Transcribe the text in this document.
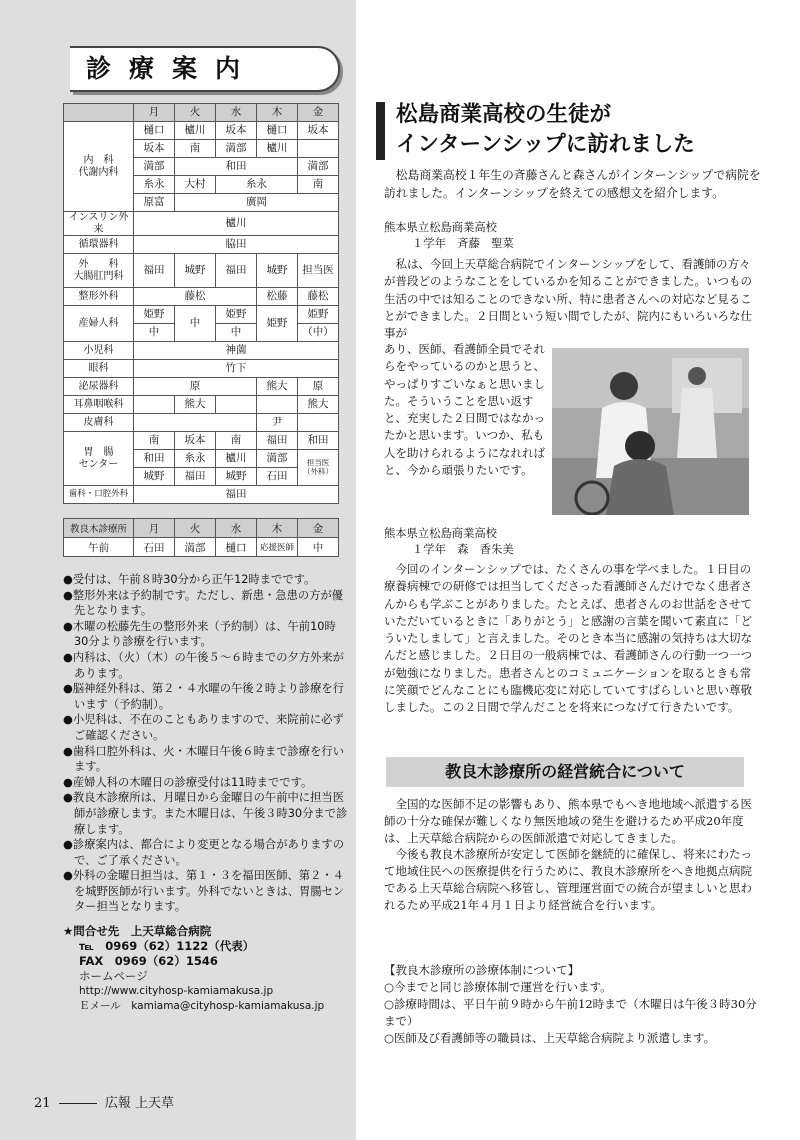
診療案内
	月	火	水	木	金
内　科
代謝内科	樋口	櫨川	坂本	樋口	坂本
	坂本	南	満部	櫨川	
	満部	和田			満部
	糸永	大村	糸永		南
	原富	廣岡			
インスリン外来	櫨川				
循環器科	脇田				
外　　科
大腸肛門科	福田	城野	福田	城野	担当医
整形外科	藤松			松藤	藤松
産婦人科	姫野	中	姫野	姫野	姫野
	中		中		（中）
小児科	神薗				
眼科	竹下				
泌尿器科	原			熊大	原
耳鼻咽喉科		熊大			熊大
皮膚科				尹	
胃　腸
センター	南	坂本	南	福田	和田
	和田	糸永	櫨川	満部	担当医
（外科）
	城野	福田	城野	石田	
歯科・口腔外科	福田				
教良木診療所	月	火	水	木	金
午前	石田	満部	樋口	応援医師	中

●受付は、午前８時30分から正午12時までです。

●整形外来は予約制です。ただし、新患・急患の方が優先となります。

●木曜の松藤先生の整形外来（予約制）は、午前10時30分より診療を行います。

●内科は、（火）（木）の午後５～６時までの夕方外来があります。

●脳神経外科は、第２・４水曜の午後２時より診療を行います（予約制）。

●小児科は、不在のこともありますので、来院前に必ずご確認ください。

●歯科口腔外科は、火・木曜日午後６時まで診療を行います。

●産婦人科の木曜日の診療受付は11時までです。

●教良木診療所は、月曜日から金曜日の午前中に担当医師が診療します。また木曜日は、午後３時30分まで診療します。

●診療案内は、都合により変更となる場合がありますので、ご了承ください。

●外科の金曜日担当は、第１・３を福田医師、第２・４を城野医師が行います。外科でないときは、胃腸センター担当となります。

★問合せ先　上天草総合病院
℡　0969（62）1122（代表）
FAX　0969（62）1546
ホームページ
http://www.cityhosp-kamiamakusa.jp
Ｅメール　kamiama@cityhosp-kamiamakusa.jp
21	広報 上天草
松島商業高校の生徒が
インターンシップに訪れました
松島商業高校１年生の斉藤さんと森さんがインターンシップで病院を訪れました。インターンシップを終えての感想文を紹介します。
熊本県立松島商業高校
１学年　斉藤　聖菜
私は、今回上天草総合病院でインターンシップをして、看護師の方々が普段どのようなことをしているかを知ることができました。いつもの生活の中では知ることのできない所、特に患者さんへの対応など見ることができました。２日間という短い間でしたが、院内にもいろいろな仕事が
あり、医師、看護師全員でそれらをやっているのかと思うと、やっぱりすごいなぁと思いました。そういうことを思い返すと、充実した２日間ではなかったかと思います。いつか、私も人を助けられるようになれればと、今から頑張りたいです。
熊本県立松島商業高校
１学年　森　香朱美
今回のインターンシップでは、たくさんの事を学べました。１日目の療養病棟での研修では担当してくださった看護師さんだけでなく患者さんからも学ぶことがありました。たとえば、患者さんのお世話をさせていただいているときに「ありがとう」と感謝の言葉を聞いて素直に「どういたしまして」と言えました。そのとき本当に感謝の気持ちは大切なんだと感じました。２日目の一般病棟では、看護師さんの行動一つ一つが勉強になりました。患者さんとのコミュニケーションを取るときも常に笑顔でどんなことにも臨機応変に対応していてすばらしいと思い尊敬しました。この２日間で学んだことを将来につなげて行きたいです。
教良木診療所の経営統合について

全国的な医師不足の影響もあり、熊本県でもへき地地域へ派遣する医師の十分な確保が難しくなり無医地域の発生を避けるため平成20年度は、上天草総合病院からの医師派遣で対応してきました。

今後も教良木診療所が安定して医師を継続的に確保し、将来にわたって地域住民への医療提供を行うために、教良木診療所をへき地拠点病院である上天草総合病院へ移管し、管理運営面での統合が望ましいと思われるため平成21年４月１日より経営統合を行います。

【教良木診療所の診療体制について】

○今までと同じ診療体制で運営を行います。

○診療時間は、平日午前９時から午前12時まで（木曜日は午後３時30分まで）

○医師及び看護師等の職員は、上天草総合病院より派遣します。
